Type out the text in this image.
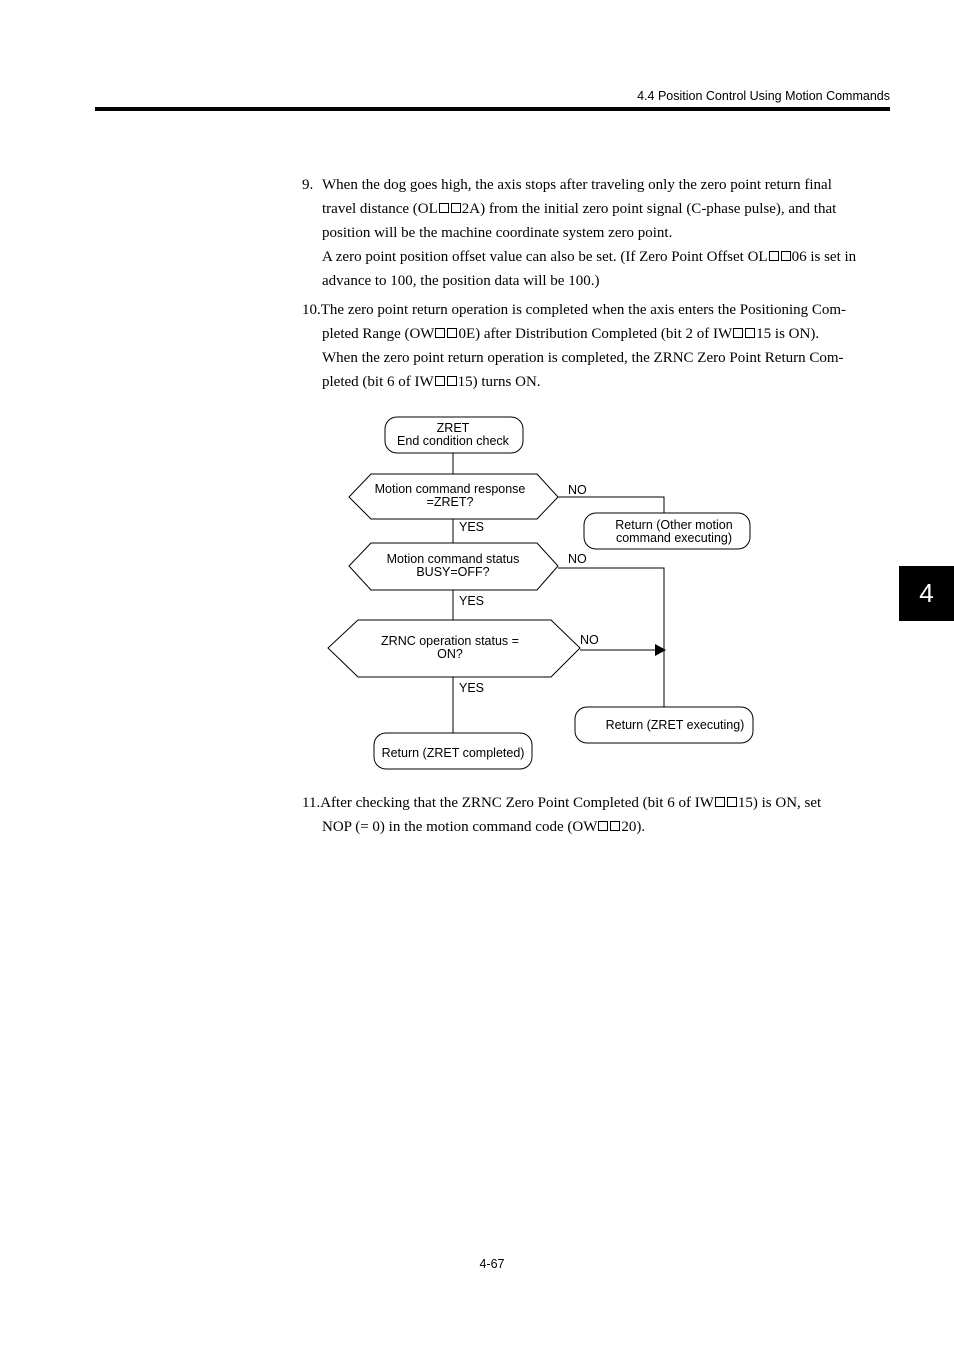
4.4 Position Control Using Motion Commands
4
9. When the dog goes high, the axis stops after traveling only the zero point return final
travel distance (OL 2A) from the initial zero point signal (C-phase pulse), and that
position will be the machine coordinate system zero point.
A zero point position offset value can also be set. (If Zero Point Offset OL 06 is set in
advance to 100, the position data will be 100.)
10.The zero point return operation is completed when the axis enters the Positioning Com-
pleted Range (OW 0E) after Distribution Completed (bit 2 of IW 15 is ON).
When the zero point return operation is completed, the ZRNC Zero Point Return Com-
pleted (bit 6 of IW 15) turns ON.
ZRET
End condition check
Motion command response
=ZRET?
NO
YES	Return (Other motion
command executing)
Motion command status
BUSY=OFF?
NO
YES
ZRNC operation status =
ON?
NO
YES
Return (ZRET executing)
Return (ZRET completed)
11.After checking that the ZRNC Zero Point Completed (bit 6 of IW 15) is ON, set
NOP (= 0) in the motion command code (OW 20).
4-67
